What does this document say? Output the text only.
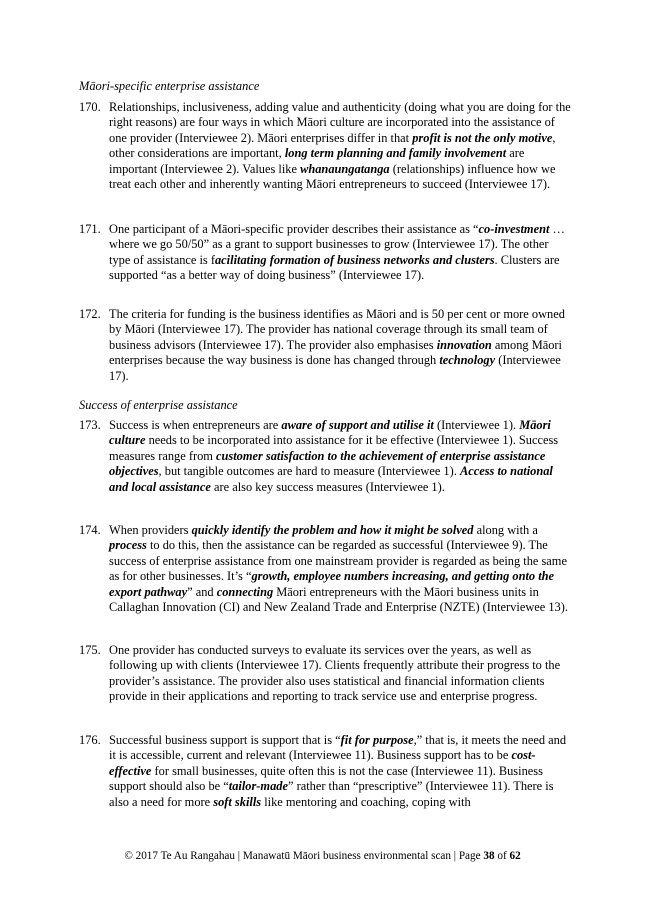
Māori-specific enterprise assistance
170. Relationships, inclusiveness, adding value and authenticity (doing what you are doing for the right reasons) are four ways in which Māori culture are incorporated into the assistance of one provider (Interviewee 2). Māori enterprises differ in that profit is not the only motive, other considerations are important, long term planning and family involvement are important (Interviewee 2). Values like whanaungatanga (relationships) influence how we treat each other and inherently wanting Māori entrepreneurs to succeed (Interviewee 17).
171. One participant of a Māori-specific provider describes their assistance as “co-investment … where we go 50/50” as a grant to support businesses to grow (Interviewee 17). The other type of assistance is facilitating formation of business networks and clusters. Clusters are supported “as a better way of doing business” (Interviewee 17).
172. The criteria for funding is the business identifies as Māori and is 50 per cent or more owned by Māori (Interviewee 17). The provider has national coverage through its small team of business advisors (Interviewee 17). The provider also emphasises innovation among Māori enterprises because the way business is done has changed through technology (Interviewee 17).
Success of enterprise assistance
173. Success is when entrepreneurs are aware of support and utilise it (Interviewee 1). Māori culture needs to be incorporated into assistance for it be effective (Interviewee 1). Success measures range from customer satisfaction to the achievement of enterprise assistance objectives, but tangible outcomes are hard to measure (Interviewee 1). Access to national and local assistance are also key success measures (Interviewee 1).
174. When providers quickly identify the problem and how it might be solved along with a process to do this, then the assistance can be regarded as successful (Interviewee 9). The success of enterprise assistance from one mainstream provider is regarded as being the same as for other businesses. It’s “growth, employee numbers increasing, and getting onto the export pathway” and connecting Māori entrepreneurs with the Māori business units in Callaghan Innovation (CI) and New Zealand Trade and Enterprise (NZTE) (Interviewee 13).
175. One provider has conducted surveys to evaluate its services over the years, as well as following up with clients (Interviewee 17). Clients frequently attribute their progress to the provider’s assistance. The provider also uses statistical and financial information clients provide in their applications and reporting to track service use and enterprise progress.
176. Successful business support is support that is “fit for purpose,” that is, it meets the need and it is accessible, current and relevant (Interviewee 11). Business support has to be cost-effective for small businesses, quite often this is not the case (Interviewee 11). Business support should also be “tailor-made” rather than “prescriptive” (Interviewee 11). There is also a need for more soft skills like mentoring and coaching, coping with
© 2017 Te Au Rangahau | Manawatū Māori business environmental scan | Page 38 of 62
